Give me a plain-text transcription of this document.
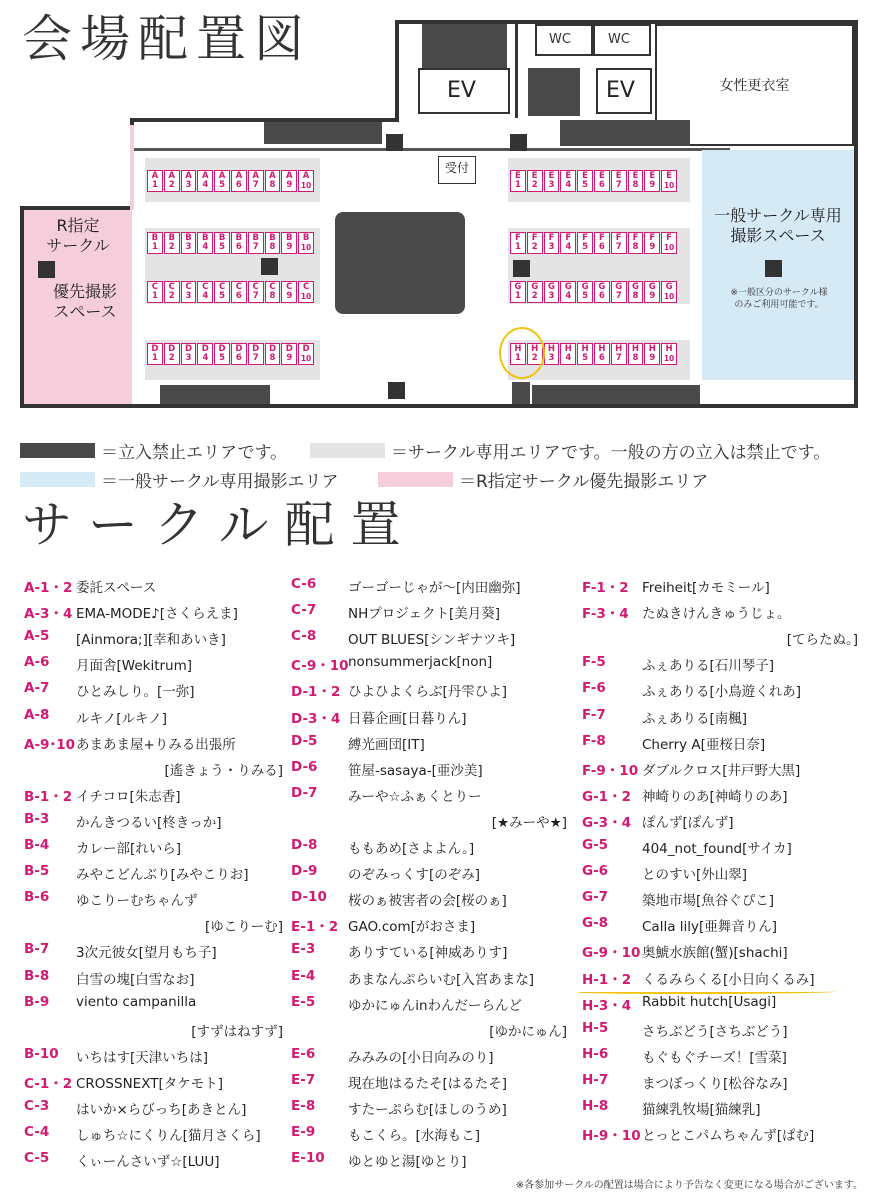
会場配置図
R指定
サークル
優先撮影
スペース
一般サークル専用
撮影スペース
※一般区分のサークル様
のみご利用可能です。
EV
WC	WC
EV	女性更衣室
受付
A
1
A
2
A
3
A
4
A
5
A
6
A
7
A
8
A
9
A
10
B
1
B
2
B
3
B
4
B
5
B
6
B
7
B
8
B
9
B
10
C
1
C
2
C
3
C
4
C
5
C
6
C
7
C
8
C
9
C
10
D
1
D
2
D
3
D
4
D
5
D
6
D
7
D
8
D
9
D
10
E
1
E
2
E
3
E
4
E
5
E
6
E
7
E
8
E
9
E
10
F
1
F
2
F
3
F
4
F
5
F
6
F
7
F
8
F
9
F
10
G
1
G
2
G
3
G
4
G
5
G
6
G
7
G
8
G
9
G
10
H
1
H
2
H
3
H
4
H
5
H
6
H
7
H
8
H
9
H
10
＝立入禁止エリアです。	＝サークル専用エリアです。一般の方の立入は禁止です。
＝一般サークル専用撮影エリア	＝R指定サークル優先撮影エリア
サークル配置
A-1・2 委託スペース
A-3・4 EMA-MODE♪[さくらえま]
A-5 [Ainmora;][幸和あいき]
A-6 月面舎[Wekitrum]
A-7 ひとみしり。[一弥]
A-8 ルキノ[ルキノ]
A-9･10 あまあま屋+りみる出張所
[遙きょう・りみる]
B-1・2 イチコロ[朱志香]
B-3 かんきつるい[柊きっか]
B-4 カレー部[れいら]
B-5 みやこどんぶり[みやこりお]
B-6 ゆこりーむちゃんず
[ゆこりーむ]
B-7 3次元彼女[望月もち子]
B-8 白雪の塊[白雪なお]
B-9 viento campanilla
[すずはねすず]
B-10 いちはす[天津いちは]
C-1・2 CROSSNEXT[タケモト]
C-3 はいか×らびっち[あきとん]
C-4 しゅち☆にくりん[猫月さくら]
C-5 くぃーんさいず☆[LUU]
C-6 ゴーゴーじゃが〜[内田幽弥]
C-7 NHプロジェクト[美月葵]
C-8 OUT BLUES[シンギナツキ]
C-9・10 nonsummerjack[non]
D-1・2 ひよひよくらぶ[丹雫ひよ]
D-3・4 日暮企画[日暮りん]
D-5 縛光画団[IT]
D-6 笹屋-sasaya-[亜沙美]
D-7 みーや☆ふぁくとりー
[★みーや★]
D-8 ももあめ[さよよん。]
D-9 のぞみっくす[のぞみ]
D-10 桜のぁ被害者の会[桜のぁ]
E-1・2 GAO.com[がおさま]
E-3 ありすている[神威ありす]
E-4 あまなんぷらいむ[入宮あまな]
E-5 ゆかにゅんinわんだーらんど
[ゆかにゅん]
E-6 みみみの[小日向みのり]
E-7 現在地はるたそ[はるたそ]
E-8 すたーぷらむ[ほしのうめ]
E-9 もこくら。[水海もこ]
E-10 ゆとゆと湯[ゆとり]
F-1・2 Freiheit[カモミール]
F-3・4 たぬきけんきゅうじょ。
[てらたぬ。]
F-5	ふぇありる[石川琴子]
F-6	ふぇありる[小鳥遊くれあ]
F-7	ふぇありる[南楓]
F-8	Cherry A[亜桜日奈]
F-9・10 ダブルクロス[井戸野大黒]
G-1・2 神崎りのあ[神崎りのあ]
G-3・4 ぽんず[ぽんず]
G-5	404_not_found[サイカ]
G-6	とのすい[外山翠]
G-7	築地市場[魚谷ぐぴこ]
G-8	Calla lily[亜舞音りん]
G-9・10 奥鯱水族館(蟹)[shachi]
H-1・2 くるみらくる[小日向くるみ]
H-3・4 Rabbit hutch[Usagi]
H-5 さちぶどう[さちぶどう]
H-6 もぐもぐチーズ！[雪菜]
H-7 まつぼっくり[松谷なみ]
H-8 猫練乳牧場[猫練乳]
H-9・10 とっとこパムちゃんず[ぱむ]
※各参加サークルの配置は場合により予告なく変更になる場合がございます。
